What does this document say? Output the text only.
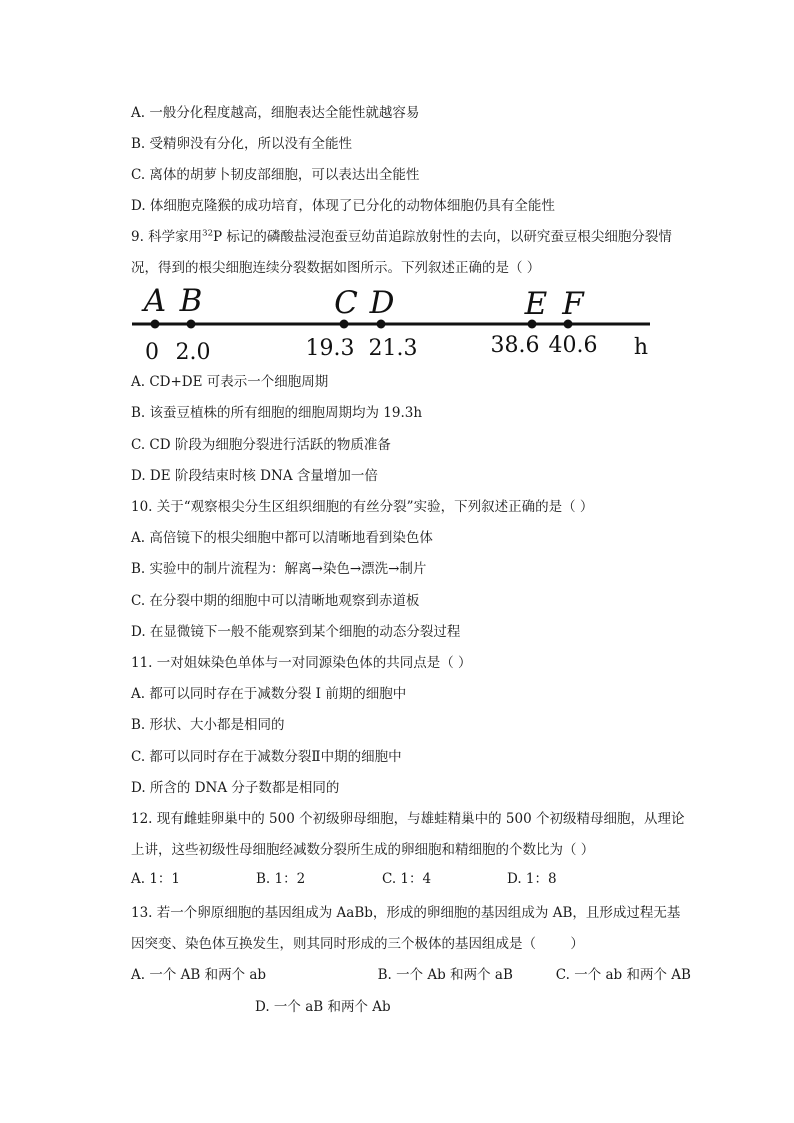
A. 一般分化程度越高，细胞表达全能性就越容易
B. 受精卵没有分化，所以没有全能性
C. 离体的胡萝卜韧皮部细胞，可以表达出全能性
D. 体细胞克隆猴的成功培育，体现了已分化的动物体细胞仍具有全能性
9. 科学家用$^{32}$P 标记的磷酸盐浸泡蚕豆幼苗追踪放射性的去向，以研究蚕豆根尖细胞分裂情
况，得到的根尖细胞连续分裂数据如图所示。下列叙述正确的是（ ）
A B	C D	E F
0 2.0	19.3 21.3	38.6 40.6 h
A. CD+DE 可表示一个细胞周期
B. 该蚕豆植株的所有细胞的细胞周期均为 19.3h
C. CD 阶段为细胞分裂进行活跃的物质准备
D. DE 阶段结束时核 DNA 含量增加一倍
10. 关于“观察根尖分生区组织细胞的有丝分裂”实验，下列叙述正确的是（ ）
A. 高倍镜下的根尖细胞中都可以清晰地看到染色体
B. 实验中的制片流程为：解离→染色→漂洗→制片
C. 在分裂中期的细胞中可以清晰地观察到赤道板
D. 在显微镜下一般不能观察到某个细胞的动态分裂过程
11. 一对姐妹染色单体与一对同源染色体的共同点是（ ）
A. 都可以同时存在于减数分裂 I 前期的细胞中
B. 形状、大小都是相同的
C. 都可以同时存在于减数分裂Ⅱ中期的细胞中
D. 所含的 DNA 分子数都是相同的
12. 现有雌蛙卵巢中的 500 个初级卵母细胞，与雄蛙精巢中的 500 个初级精母细胞，从理论
上讲，这些初级性母细胞经减数分裂所生成的卵细胞和精细胞的个数比为（ ）
A. 1：1	B. 1：2	C. 1：4	D. 1：8
13. 若一个卵原细胞的基因组成为 AaBb，形成的卵细胞的基因组成为 AB，且形成过程无基
因突变、染色体互换发生，则其同时形成的三个极体的基因组成是（        ）
A. 一个 AB 和两个 ab                          B. 一个 Ab 和两个 aB          C. 一个 ab 和两个 AB
D. 一个 aB 和两个 Ab
